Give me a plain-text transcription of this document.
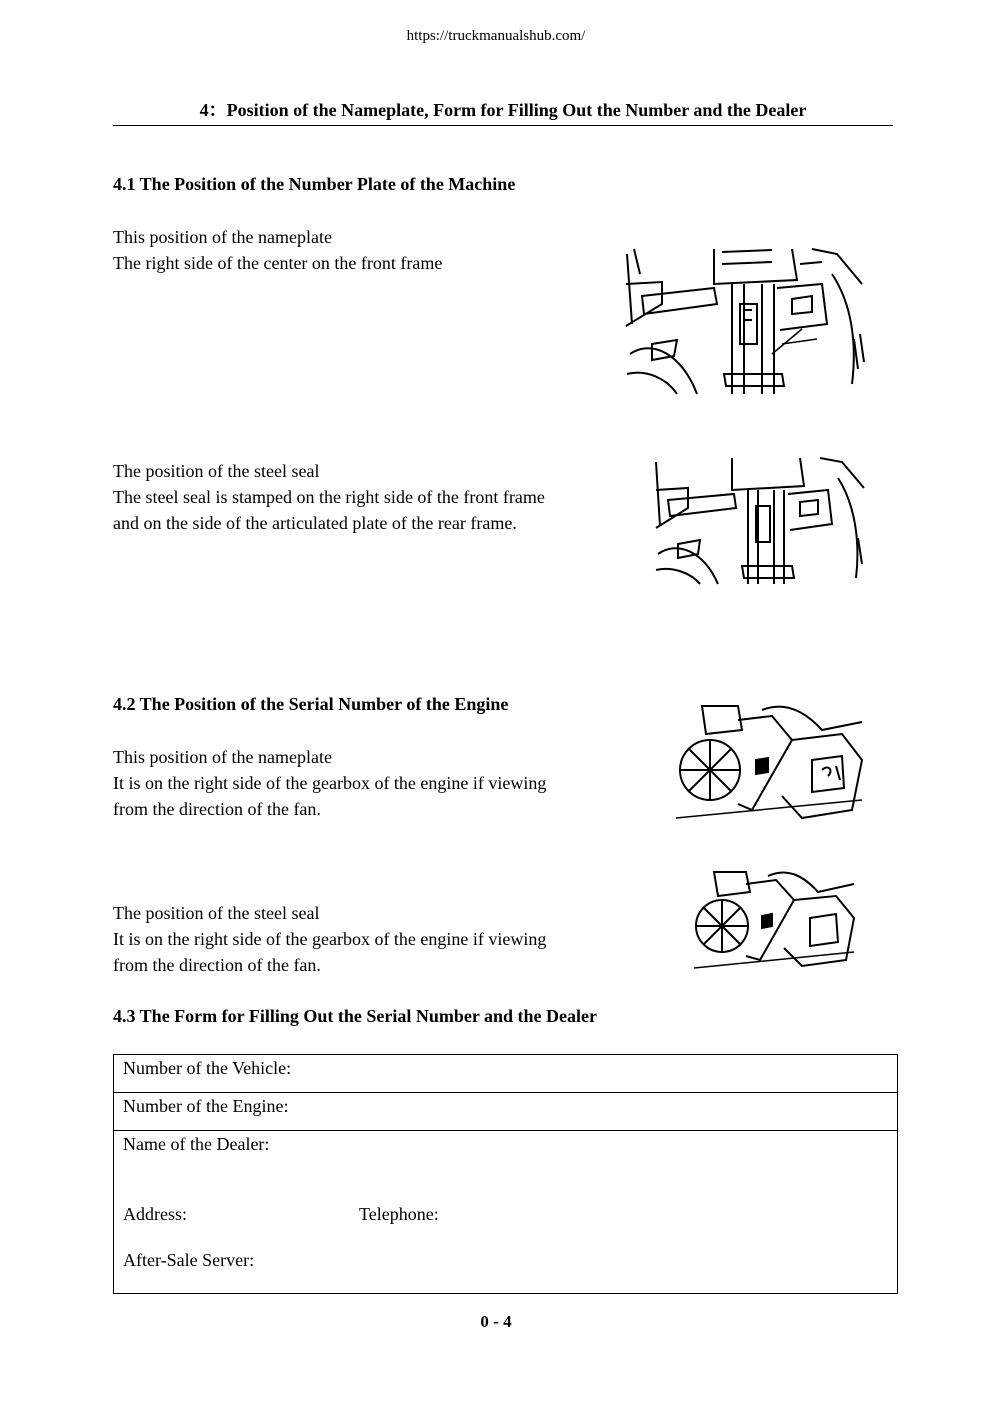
https://truckmanualshub.com/
4：Position of the Nameplate, Form for Filling Out the Number and the Dealer
4.1 The Position of the Number Plate of the Machine
This position of the nameplate
The right side of the center on the front frame
The position of the steel seal
The steel seal is stamped on the right side of the front frame
and on the side of the articulated plate of the rear frame.
4.2 The Position of the Serial Number of the Engine
This position of the nameplate
It is on the right side of the gearbox of the engine if viewing
from the direction of the fan.
The position of the steel seal
It is on the right side of the gearbox of the engine if viewing
from the direction of the fan.
4.3 The Form for Filling Out the Serial Number and the Dealer
Number of the Vehicle:
Number of the Engine:
Name of the Dealer:
Address:	Telephone:
After-Sale Server:
0 - 4
